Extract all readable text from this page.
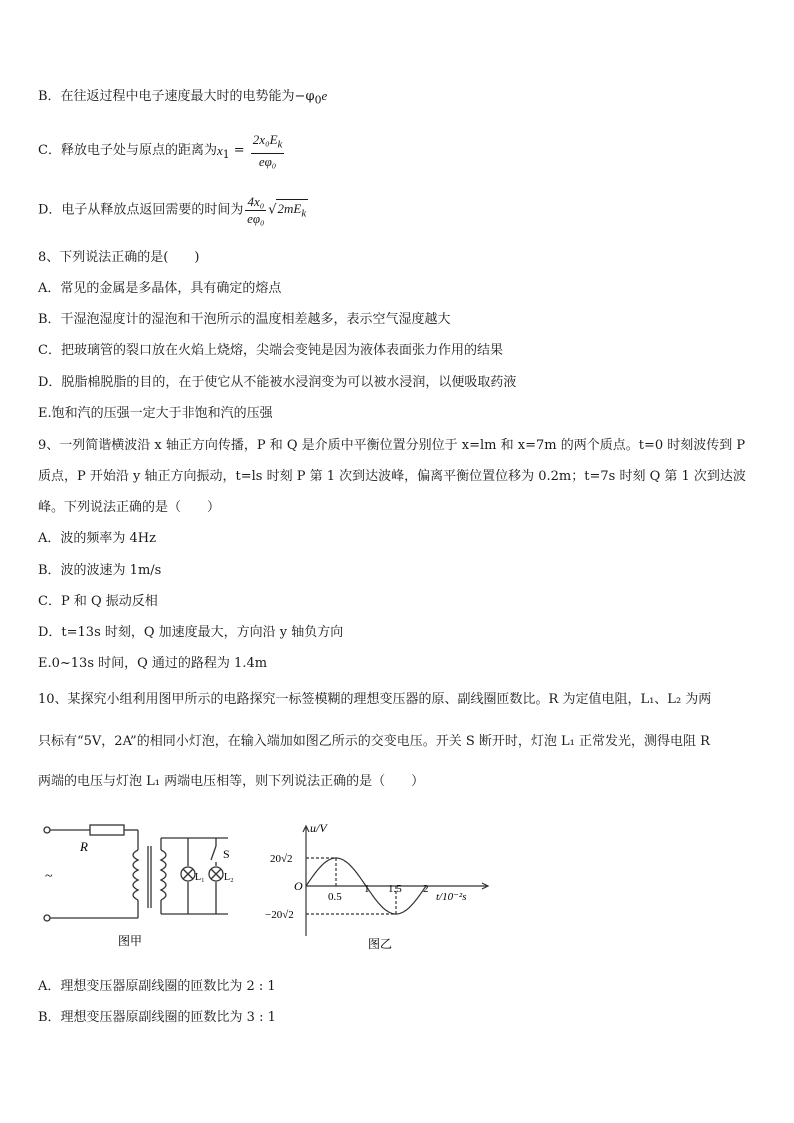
B．在往返过程中电子速度最大时的电势能为$-\varphi_0e$
C．释放电子处与原点的距离为$x_1 = \frac{2x_0E_k}{\text{eφ₀}}$
D．电子从释放点返回需要的时间为 $\frac{\text{4x₀}}{\text{eφ₀}} √2mE_k$
8、下列说法正确的是(　　)
A．常见的金属是多晶体，具有确定的熔点
B．干湿泡湿度计的湿泡和干泡所示的温度相差越多，表示空气湿度越大
C．把玻璃管的裂口放在火焰上烧熔，尖端会变钝是因为液体表面张力作用的结果
D．脱脂棉脱脂的目的，在于使它从不能被水浸润变为可以被水浸润，以便吸取药液
E.饱和汽的压强一定大于非饱和汽的压强
9、一列简谐横波沿 x 轴正方向传播，P 和 Q 是介质中平衡位置分别位于 x=lm 和 x=7m 的两个质点。t=0 时刻波传到 P
质点，P 开始沿 y 轴正方向振动，t=ls 时刻 P 第 1 次到达波峰，偏离平衡位置位移为 0.2m；t=7s 时刻 Q 第 1 次到达波
峰。下列说法正确的是（　　）
A．波的频率为 4Hz
B．波的波速为 1m/s
C．P 和 Q 振动反相
D．t=13s 时刻，Q 加速度最大，方向沿 y 轴负方向
E.0~13s 时间，Q 通过的路程为 1.4m
10、某探究小组利用图甲所示的电路探究一标签模糊的理想变压器的原、副线圈匝数比。R 为定值电阻，L₁、L₂ 为两
只标有“5V，2A”的相同小灯泡，在输入端加如图乙所示的交变电压。开关 S 断开时，灯泡 L₁ 正常发光，测得电阻 R
两端的电压与灯泡 L₁ 两端电压相等，则下列说法正确的是（　　）
R
~
S
L₁ L₂
图甲
u/V
20√2
−20√2
O
0.5
1 1.5 2
t/10⁻²s
图乙
A．理想变压器原副线圈的匝数比为 2 : 1
B．理想变压器原副线圈的匝数比为 3 : 1
